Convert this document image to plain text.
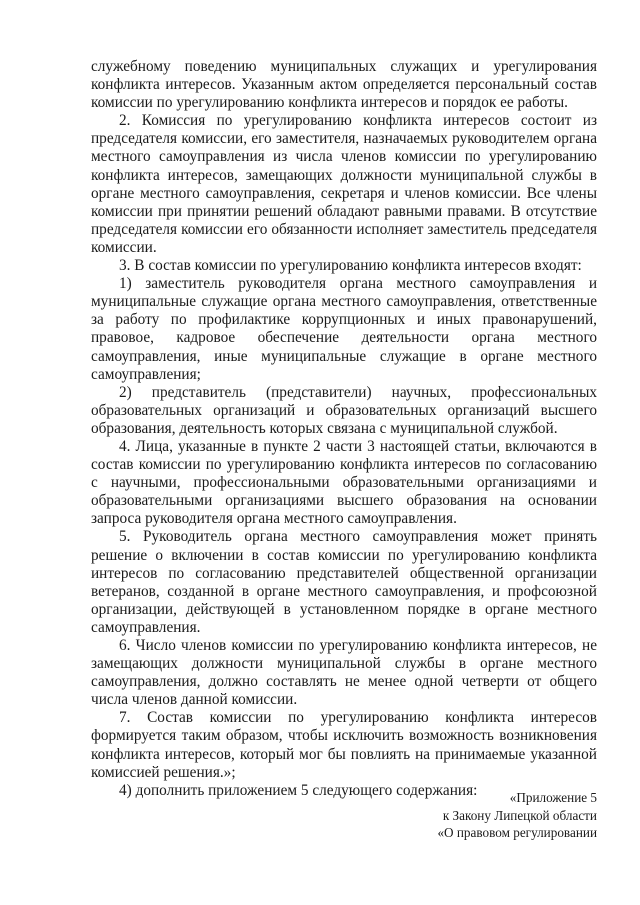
служебному поведению муниципальных служащих и урегулирования конфликта интересов. Указанным актом определяется персональный состав комиссии по урегулированию конфликта интересов и порядок ее работы.

2. Комиссия по урегулированию конфликта интересов состоит из председателя комиссии, его заместителя, назначаемых руководителем органа местного самоуправления из числа членов комиссии по урегулированию конфликта интересов, замещающих должности муниципальной службы в органе местного самоуправления, секретаря и членов комиссии. Все члены комиссии при принятии решений обладают равными правами. В отсутствие председателя комиссии его обязанности исполняет заместитель председателя комиссии.

3. В состав комиссии по урегулированию конфликта интересов входят:

1) заместитель руководителя органа местного самоуправления и муниципальные служащие органа местного самоуправления, ответственные за работу по профилактике коррупционных и иных правонарушений, правовое, кадровое обеспечение деятельности органа местного самоуправления, иные муниципальные служащие в органе местного самоуправления;

2) представитель (представители) научных, профессиональных образовательных организаций и образовательных организаций высшего образования, деятельность которых связана с муниципальной службой.

4. Лица, указанные в пункте 2 части 3 настоящей статьи, включаются в состав комиссии по урегулированию конфликта интересов по согласованию с научными, профессиональными образовательными организациями и образовательными организациями высшего образования на основании запроса руководителя органа местного самоуправления.

5. Руководитель органа местного самоуправления может принять решение о включении в состав комиссии по урегулированию конфликта интересов по согласованию представителей общественной организации ветеранов, созданной в органе местного самоуправления, и профсоюзной организации, действующей в установленном порядке в органе местного самоуправления.

6. Число членов комиссии по урегулированию конфликта интересов, не замещающих должности муниципальной службы в органе местного самоуправления, должно составлять не менее одной четверти от общего числа членов данной комиссии.

7. Состав комиссии по урегулированию конфликта интересов формируется таким образом, чтобы исключить возможность возникновения конфликта интересов, который мог бы повлиять на принимаемые указанной комиссией решения.»;

4) дополнить приложением 5 следующего содержания:	«Приложение 5
к Закону Липецкой области
«О правовом регулировании
